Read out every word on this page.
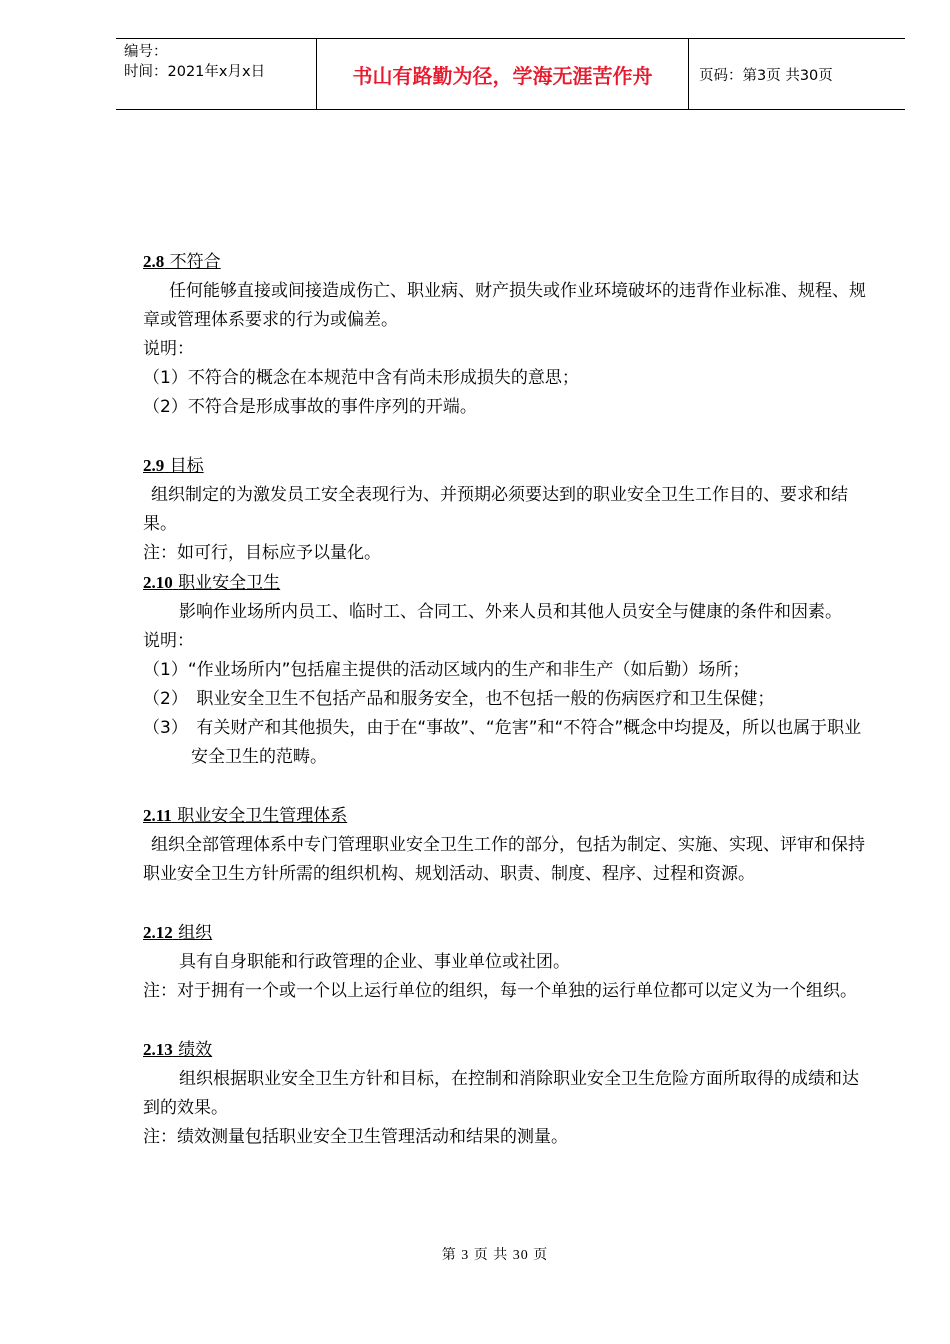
编号：
时间：2021年x月x日	书山有路勤为径，学海无涯苦作舟	页码：第3页 共30页

2.8 不符合

任何能够直接或间接造成伤亡、职业病、财产损失或作业环境破坏的违背作业标准、规程、规章或管理体系要求的行为或偏差。

说明：

（1）不符合的概念在本规范中含有尚未形成损失的意思；

（2）不符合是形成事故的事件序列的开端。

2.9 目标

组织制定的为激发员工安全表现行为、并预期必须要达到的职业安全卫生工作目的、要求和结果。

注：如可行，目标应予以量化。

2.10 职业安全卫生

影响作业场所内员工、临时工、合同工、外来人员和其他人员安全与健康的条件和因素。

说明：

（1）“作业场所内”包括雇主提供的活动区域内的生产和非生产（如后勤）场所；

（2）　职业安全卫生不包括产品和服务安全，也不包括一般的伤病医疗和卫生保健；

（3）　有关财产和其他损失，由于在“事故”、“危害”和“不符合”概念中均提及，所以也属于职业安全卫生的范畴。

2.11 职业安全卫生管理体系

组织全部管理体系中专门管理职业安全卫生工作的部分，包括为制定、实施、实现、评审和保持职业安全卫生方针所需的组织机构、规划活动、职责、制度、程序、过程和资源。

2.12 组织

具有自身职能和行政管理的企业、事业单位或社团。

注：对于拥有一个或一个以上运行单位的组织，每一个单独的运行单位都可以定义为一个组织。

2.13 绩效

组织根据职业安全卫生方针和目标，在控制和消除职业安全卫生危险方面所取得的成绩和达到的效果。

注：绩效测量包括职业安全卫生管理活动和结果的测量。

第 3 页 共 30 页
